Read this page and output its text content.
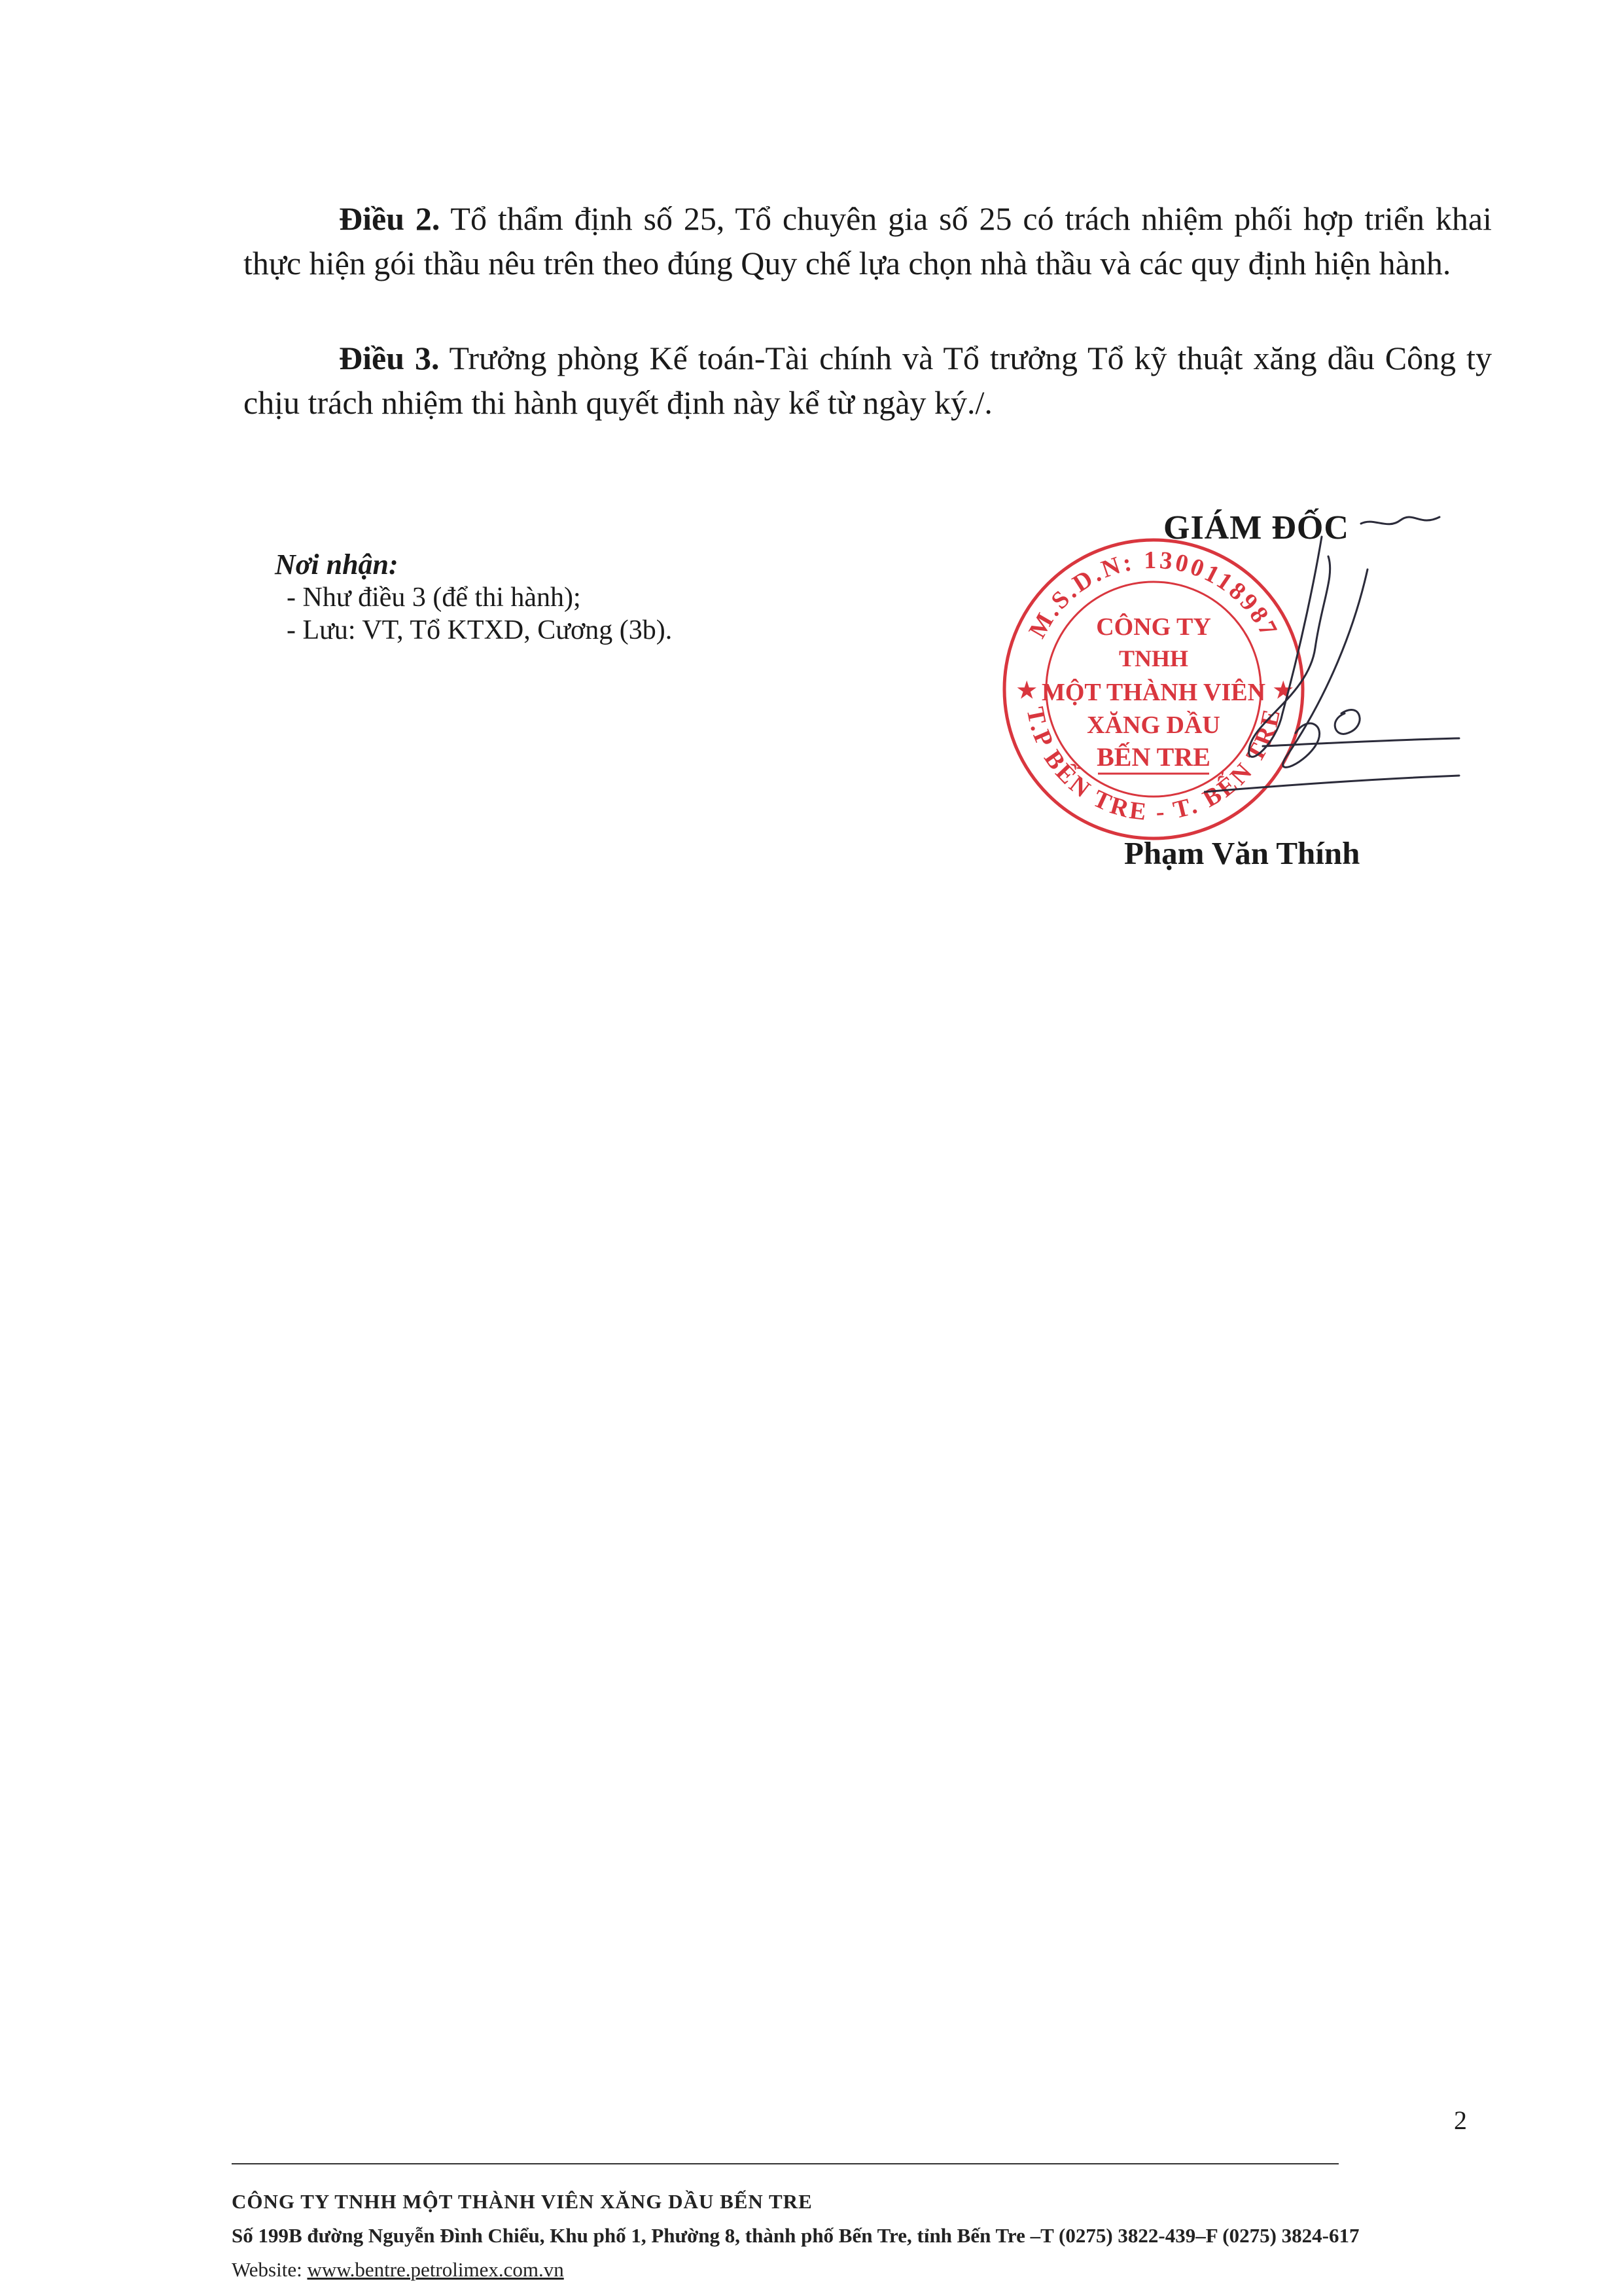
Điều 2. Tổ thẩm định số 25, Tổ chuyên gia số 25 có trách nhiệm phối hợp triển khai thực hiện gói thầu nêu trên theo đúng Quy chế lựa chọn nhà thầu và các quy định hiện hành.

Điều 3. Trưởng phòng Kế toán-Tài chính và Tổ trưởng Tổ kỹ thuật xăng dầu Công ty chịu trách nhiệm thi hành quyết định này kể từ ngày ký./.

Nơi nhận:
- Như điều 3 (để thi hành);
- Lưu: VT, Tổ KTXD, Cương (3b).
GIÁM ĐỐC
M.S.D.N: 1300118987
T.P BẾN TRE - T. BẾN TRE
★	★
CÔNG TY
TNHH
MỘT THÀNH VIÊN
XĂNG DẦU
BẾN TRE
Phạm Văn Thính
2
CÔNG TY TNHH MỘT THÀNH VIÊN XĂNG DẦU BẾN TRE
Số 199B đường Nguyễn Đình Chiểu, Khu phố 1, Phường 8, thành phố Bến Tre, tỉnh Bến Tre –T (0275) 3822-439–F (0275) 3824-617
Website: www.bentre.petrolimex.com.vn
